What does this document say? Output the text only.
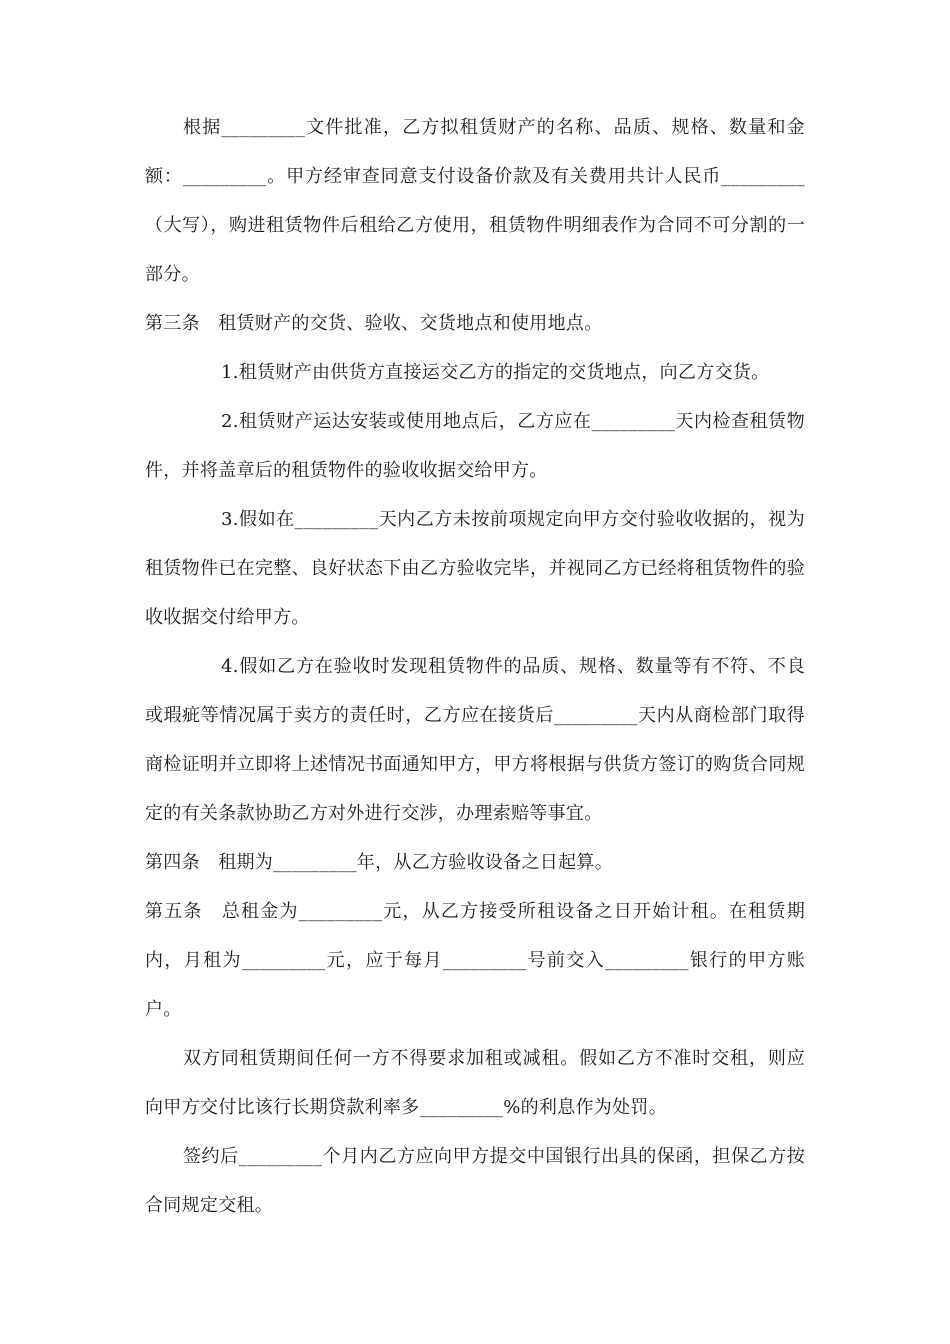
根据_________文件批准，乙方拟租赁财产的名称、品质、规格、数量和金额：_________。甲方经审查同意支付设备价款及有关费用共计人民币_________（大写），购进租赁物件后租给乙方使用，租赁物件明细表作为合同不可分割的一部分。

第三条　租赁财产的交货、验收、交货地点和使用地点。

1.租赁财产由供货方直接运交乙方的指定的交货地点，向乙方交货。

2.租赁财产运达安装或使用地点后，乙方应在_________天内检查租赁物件，并将盖章后的租赁物件的验收收据交给甲方。

3.假如在_________天内乙方未按前项规定向甲方交付验收收据的，视为租赁物件已在完整、良好状态下由乙方验收完毕，并视同乙方已经将租赁物件的验收收据交付给甲方。

4.假如乙方在验收时发现租赁物件的品质、规格、数量等有不符、不良或瑕疵等情况属于卖方的责任时，乙方应在接货后_________天内从商检部门取得商检证明并立即将上述情况书面通知甲方，甲方将根据与供货方签订的购货合同规定的有关条款协助乙方对外进行交涉，办理索赔等事宜。

第四条　租期为_________年，从乙方验收设备之日起算。

第五条　总租金为_________元，从乙方接受所租设备之日开始计租。在租赁期内，月租为_________元，应于每月_________号前交入_________银行的甲方账户。

双方同租赁期间任何一方不得要求加租或减租。假如乙方不准时交租，则应向甲方交付比该行长期贷款利率多_________%的利息作为处罚。

签约后_________个月内乙方应向甲方提交中国银行出具的保函，担保乙方按合同规定交租。
